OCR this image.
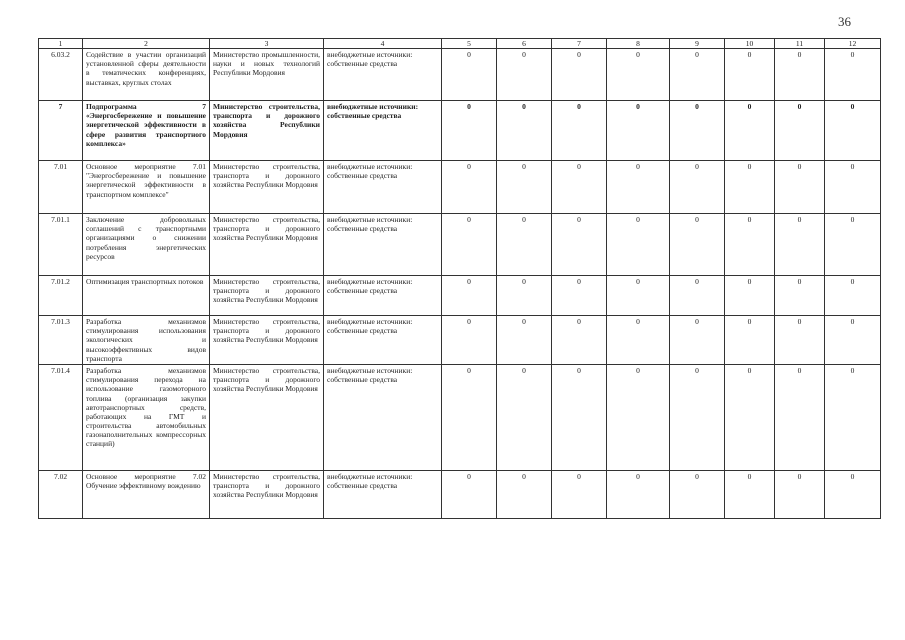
36
1	2	3	4	5	6	7	8	9	10	11	12
6.03.2	Содействие в участии организаций установленной сферы деятельности в тематических конференциях, выставках, круглых столах	Министерство промышленности, науки и новых технологий Республики Мордовия	внебюджетные источники: собственные средства	0	0	0	0	0	0	0	0
7	Подпрограмма 7 «Энергосбережение и повышение энергетической эффективности в сфере развития транспортного комплекса»	Министерство строительства, транспорта и дорожного хозяйства Республики Мордовия	внебюджетные источники: собственные средства	0	0	0	0	0	0	0	0
7.01	Основное мероприятие 7.01 "Энергосбережение и повышение энергетической эффективности в транспортном комплексе"	Министерство строительства, транспорта и дорожного хозяйства Республики Мордовия	внебюджетные источники: собственные средства	0	0	0	0	0	0	0	0
7.01.1	Заключение добровольных соглашений с транспортными организациями о снижении потребления энергетических ресурсов	Министерство строительства, транспорта и дорожного хозяйства Республики Мордовия	внебюджетные источники: собственные средства	0	0	0	0	0	0	0	0
7.01.2	Оптимизация транспортных потоков	Министерство строительства, транспорта и дорожного хозяйства Республики Мордовия	внебюджетные источники: собственные средства	0	0	0	0	0	0	0	0
7.01.3	Разработка механизмов стимулирования использования экологических и высокоэффективных видов транспорта	Министерство строительства, транспорта и дорожного хозяйства Республики Мордовия	внебюджетные источники: собственные средства	0	0	0	0	0	0	0	0
7.01.4	Разработка механизмов стимулирования перехода на использование газомоторного топлива (организация закупки автотранспортных средств, работающих на ГМТ и строительства автомобильных газонаполнительных компрессорных станций)	Министерство строительства, транспорта и дорожного хозяйства Республики Мордовия	внебюджетные источники: собственные средства	0	0	0	0	0	0	0	0
7.02	Основное мероприятие 7.02 Обучение эффективному вождению	Министерство строительства, транспорта и дорожного хозяйства Республики Мордовия	внебюджетные источники: собственные средства	0	0	0	0	0	0	0	0
